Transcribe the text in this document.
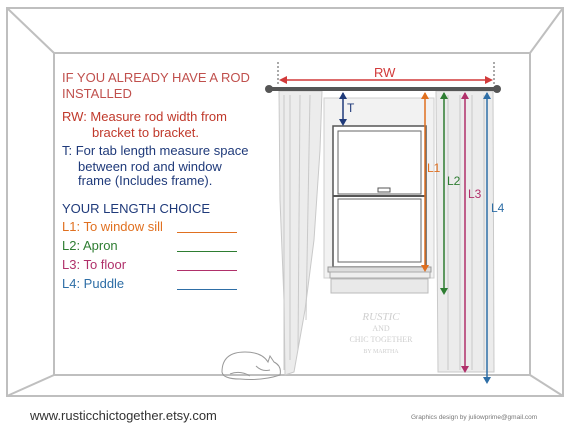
RW
T
L1
L2
L3
L4
RUSTIC
AND
CHIC TOGETHER
BY MARTHA
IF YOU ALREADY HAVE A ROD
INSTALLED
RW: Measure rod width from
bracket to bracket.
T: For tab length measure space
between rod and window
frame (Includes frame).
YOUR LENGTH CHOICE
L1: To window sill
L2: Apron
L3: To floor
L4: Puddle
www.rusticchictogether.etsy.com	Graphics design by juliowprime@gmail.com
